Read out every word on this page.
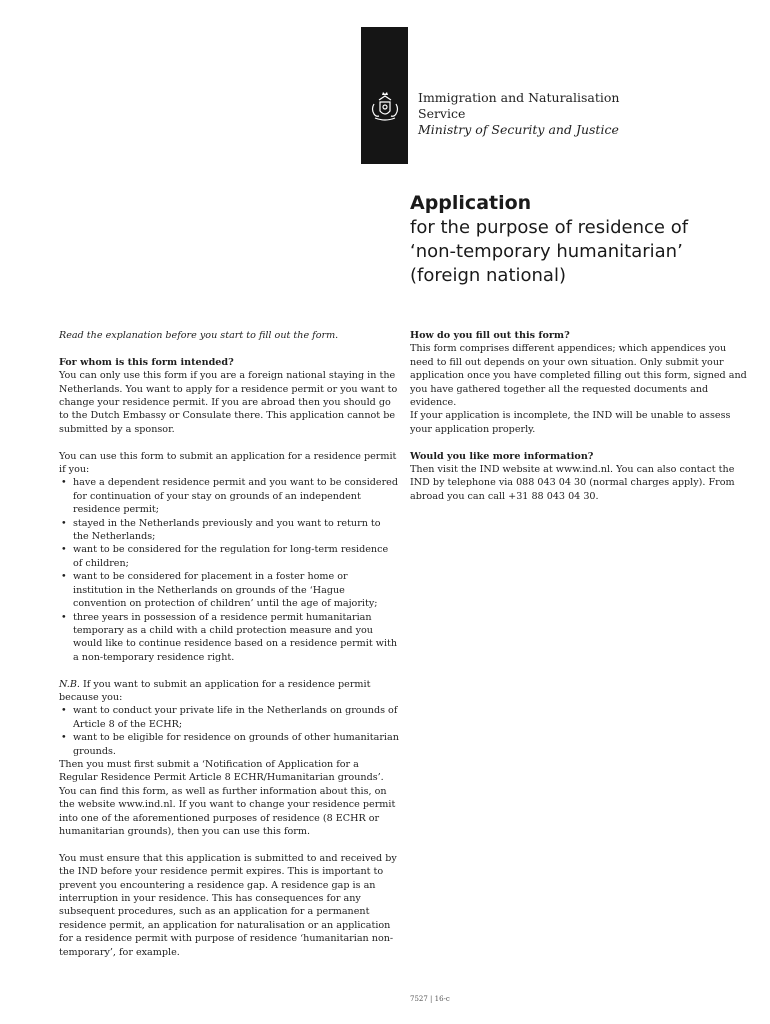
Immigration and Naturalisation
Service
Ministry of Security and Justice
Application
for the purpose of residence of
‘non-temporary humanitarian’
(foreign national)

Read the explanation before you start to fill out the form.

For whom is this form intended?

You can only use this form if you are a foreign national staying in the Netherlands. You want to apply for a residence permit or you want to change your residence permit. If you are abroad then you should go to the Dutch Embassy or Consulate there. This application cannot be submitted by a sponsor.

You can use this form to submit an application for a residence permit if you:

• have a dependent residence permit and you want to be considered for continuation of your stay on grounds of an independent residence permit;
• stayed in the Netherlands previously and you want to return to the Netherlands;
• want to be considered for the regulation for long-term residence of children;
• want to be considered for placement in a foster home or institution in the Netherlands on grounds of the ‘Hague convention on protection of children’ until the age of majority;
• three years in possession of a residence permit humanitarian temporary as a child with a child protection measure and you would like to continue residence based on a residence permit with a non-temporary residence right.

N.B. If you want to submit an application for a residence permit because you:

• want to conduct your private life in the Netherlands on grounds of Article 8 of the ECHR;
• want to be eligible for residence on grounds of other humanitarian grounds.

Then you must first submit a ‘Notification of Application for a Regular Residence Permit Article 8 ECHR/Humanitarian grounds’. You can find this form, as well as further information about this, on the website www.ind.nl. If you want to change your residence permit into one of the aforementioned purposes of residence (8 ECHR or humanitarian grounds), then you can use this form.

You must ensure that this application is submitted to and received by the IND before your residence permit expires. This is important to prevent you encountering a residence gap. A residence gap is an interruption in your residence. This has consequences for any subsequent procedures, such as an application for a permanent residence permit, an application for naturalisation or an application for a residence permit with purpose of residence ‘humanitarian non-temporary’, for example.

How do you fill out this form?

This form comprises different appendices; which appendices you need to fill out depends on your own situation. Only submit your application once you have completed filling out this form, signed and you have gathered together all the requested documents and evidence.

If your application is incomplete, the IND will be unable to assess your application properly.

Would you like more information?

Then visit the IND website at www.ind.nl. You can also contact the IND by telephone via 088 043 04 30 (normal charges apply). From abroad you can call +31 88 043 04 30.

7527 | 16-c
